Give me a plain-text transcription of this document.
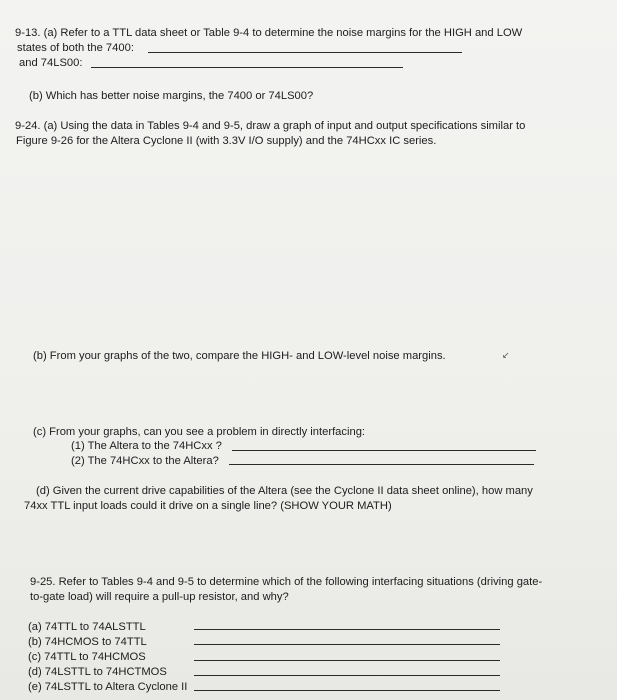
9-13. (a) Refer to a TTL data sheet or Table 9-4 to determine the noise margins for the HIGH and LOW
states of both the 7400:
and 74LS00:
(b) Which has better noise margins, the 7400 or 74LS00?
9-24. (a) Using the data in Tables 9-4 and 9-5, draw a graph of input and output specifications similar to
Figure 9-26 for the Altera Cyclone II (with 3.3V I/O supply) and the 74HCxx IC series.
(b) From your graphs of the two, compare the HIGH- and LOW-level noise margins.	↙
(c) From your graphs, can you see a problem in directly interfacing:
(1) The Altera to the 74HCxx ?
(2) The 74HCxx to the Altera?
(d) Given the current drive capabilities of the Altera (see the Cyclone II data sheet online), how many
74xx TTL input loads could it drive on a single line? (SHOW YOUR MATH)
9-25. Refer to Tables 9-4 and 9-5 to determine which of the following interfacing situations (driving gate-
to-gate load) will require a pull-up resistor, and why?
(a) 74TTL to 74ALSTTL
(b) 74HCMOS to 74TTL
(c) 74TTL to 74HCMOS
(d) 74LSTTL to 74HCTMOS
(e) 74LSTTL to Altera Cyclone II
